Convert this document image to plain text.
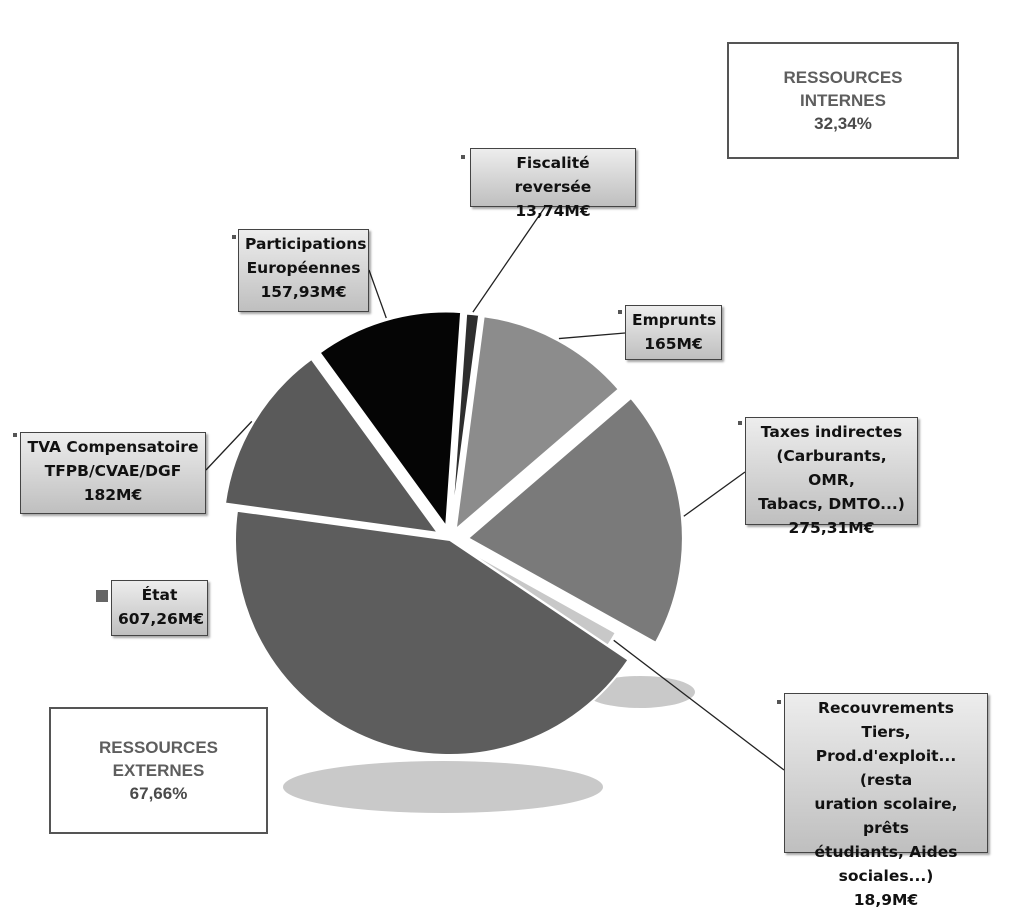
RESSOURCES
INTERNES
32,34%
RESSOURCES
EXTERNES
67,66%
Fiscalité reversée
13,74M€
Emprunts
165M€
Taxes indirectes
(Carburants, OMR,
Tabacs, DMTO...)
275,31M€
Recouvrements Tiers,
Prod.d'exploit...(resta
uration scolaire, prêts
étudiants, Aides
sociales...)
18,9M€
État
607,26M€
TVA Compensatoire
TFPB/CVAE/DGF
182M€
Participations
Européennes
157,93M€
